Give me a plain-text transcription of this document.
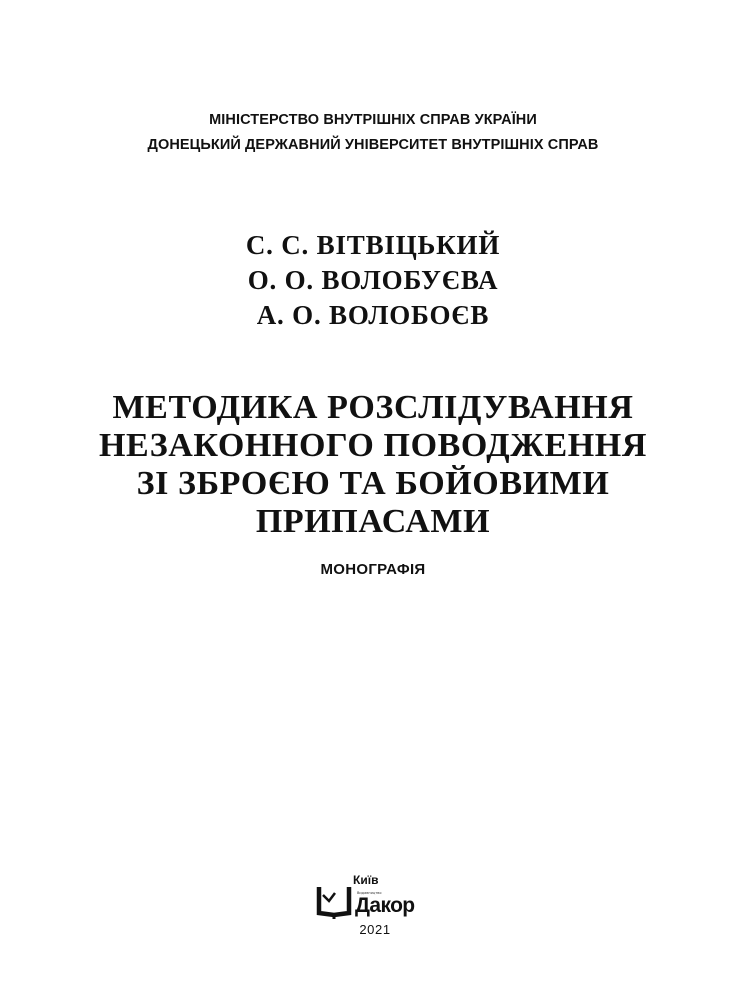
МІНІСТЕРСТВО ВНУТРІШНІХ СПРАВ УКРАЇНИ
ДОНЕЦЬКИЙ ДЕРЖАВНИЙ УНІВЕРСИТЕТ ВНУТРІШНІХ СПРАВ
С. С. ВІТВІЦЬКИЙ
О. О. ВОЛОБУЄВА
А. О. ВОЛОБОЄВ
МЕТОДИКА РОЗСЛІДУВАННЯ
НЕЗАКОННОГО ПОВОДЖЕННЯ
ЗІ ЗБРОЄЮ ТА БОЙОВИМИ
ПРИПАСАМИ
МОНОГРАФІЯ
Київ
Видавництво
Дакор
2021
